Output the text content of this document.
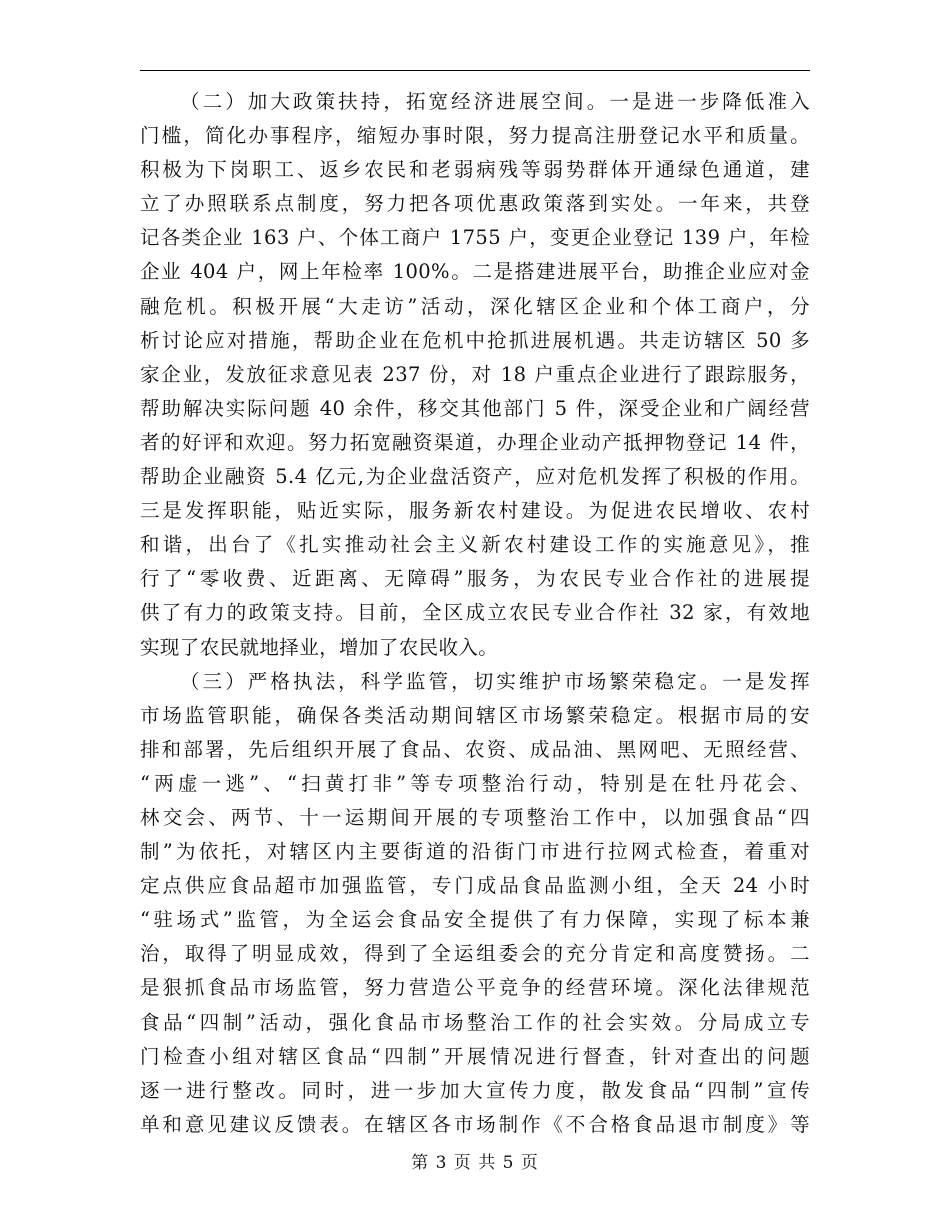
（二）加大政策扶持，拓宽经济进展空间。一是进一步降低准入
门槛，简化办事程序，缩短办事时限，努力提高注册登记水平和质量。
积极为下岗职工、返乡农民和老弱病残等弱势群体开通绿色通道，建
立了办照联系点制度，努力把各项优惠政策落到实处。一年来，共登
记各类企业 163 户、个体工商户 1755 户，变更企业登记 139 户，年检
企业 404 户，网上年检率 100%。二是搭建进展平台，助推企业应对金
融危机。积极开展“大走访”活动，深化辖区企业和个体工商户，分
析讨论应对措施，帮助企业在危机中抢抓进展机遇。共走访辖区 50 多
家企业，发放征求意见表 237 份，对 18 户重点企业进行了跟踪服务，
帮助解决实际问题 40 余件，移交其他部门 5 件，深受企业和广阔经营
者的好评和欢迎。努力拓宽融资渠道，办理企业动产抵押物登记 14 件，
帮助企业融资 5.4 亿元,为企业盘活资产，应对危机发挥了积极的作用。
三是发挥职能，贴近实际，服务新农村建设。为促进农民增收、农村
和谐，出台了《扎实推动社会主义新农村建设工作的实施意见》，推
行了“零收费、近距离、无障碍”服务，为农民专业合作社的进展提
供了有力的政策支持。目前，全区成立农民专业合作社 32 家，有效地
实现了农民就地择业，增加了农民收入。
（三）严格执法，科学监管，切实维护市场繁荣稳定。一是发挥
市场监管职能，确保各类活动期间辖区市场繁荣稳定。根据市局的安
排和部署，先后组织开展了食品、农资、成品油、黑网吧、无照经营、
“两虚一逃”、“扫黄打非”等专项整治行动，特别是在牡丹花会、
林交会、两节、十一运期间开展的专项整治工作中，以加强食品“四
制”为依托，对辖区内主要街道的沿街门市进行拉网式检查，着重对
定点供应食品超市加强监管，专门成品食品监测小组，全天 24 小时
“驻场式”监管，为全运会食品安全提供了有力保障，实现了标本兼
治，取得了明显成效，得到了全运组委会的充分肯定和高度赞扬。二
是狠抓食品市场监管，努力营造公平竞争的经营环境。深化法律规范
食品“四制”活动，强化食品市场整治工作的社会实效。分局成立专
门检查小组对辖区食品“四制”开展情况进行督查，针对查出的问题
逐一进行整改。同时，进一步加大宣传力度，散发食品“四制”宣传
单和意见建议反馈表。在辖区各市场制作《不合格食品退市制度》等
第 3 页 共 5 页
